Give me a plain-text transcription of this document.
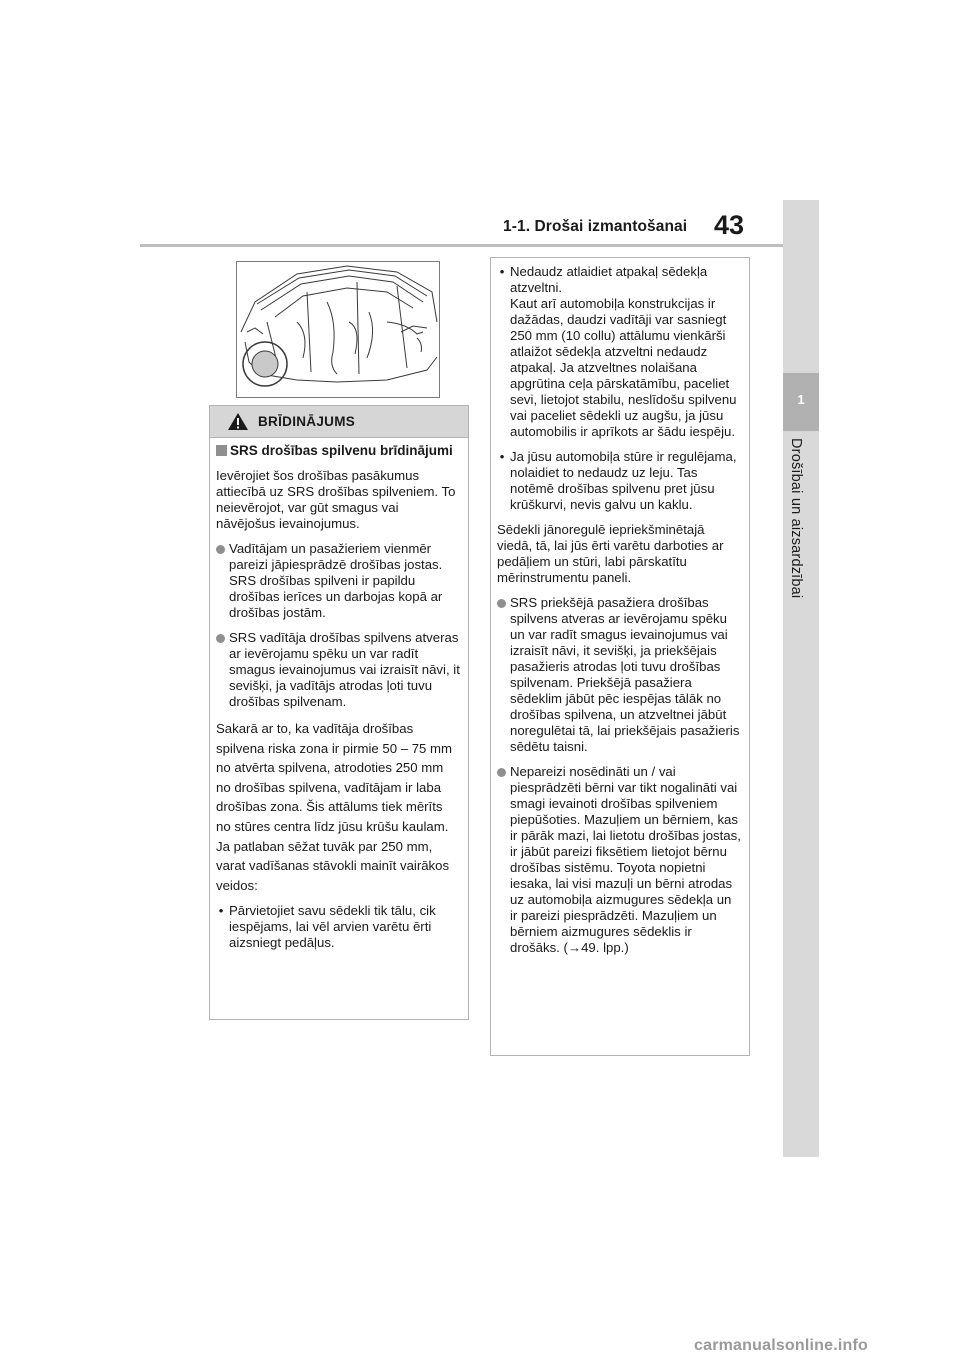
1-1. Drošai izmantošanai 43
1
Drošībai un aizsardzībai
BRĪDINĀJUMS
SRS drošības spilvenu brīdinājumi

Ievērojiet šos drošības pasākumus attiecībā uz SRS drošības spilveniem. To neievērojot, var gūt smagus vai nāvējošus ievainojumus.

Vadītājam un pasažieriem vienmēr pareizi jāpiesprādzē drošības jostas.
SRS drošības spilveni ir papildu drošības ierīces un darbojas kopā ar drošības jostām.
SRS vadītāja drošības spilvens atveras ar ievērojamu spēku un var radīt smagus ievainojumus vai izraisīt nāvi, it sevišķi, ja vadītājs atrodas ļoti tuvu drošības spilvenam.

Sakarā ar to, ka vadītāja drošības spilvena riska zona ir pirmie 50 – 75 mm no atvērta spilvena, atrodoties 250 mm no drošības spilvena, vadītājam ir laba drošības zona. Šis attālums tiek mērīts no stūres centra līdz jūsu krūšu kaulam. Ja patlaban sēžat tuvāk par 250 mm, varat vadīšanas stāvokli mainīt vairākos veidos:

• Pārvietojiet savu sēdekli tik tālu, cik iespējams, lai vēl arvien varētu ērti aizsniegt pedāļus.
• Nedaudz atlaidiet atpakaļ sēdekļa atzveltni.
Kaut arī automobiļa konstrukcijas ir dažādas, daudzi vadītāji var sasniegt 250 mm (10 collu) attālumu vienkārši atlaižot sēdekļa atzveltni nedaudz atpakaļ. Ja atzveltnes nolaišana apgrūtina ceļa pārskatāmību, paceliet sevi, lietojot stabilu, neslīdošu spilvenu vai paceliet sēdekli uz augšu, ja jūsu automobilis ir aprīkots ar šādu iespēju.
• Ja jūsu automobiļa stūre ir regulējama, nolaidiet to nedaudz uz leju. Tas notēmē drošības spilvenu pret jūsu krūškurvi, nevis galvu un kaklu.

Sēdekli jānoregulē iepriekšminētajā viedā, tā, lai jūs ērti varētu darboties ar pedāļiem un stūri, labi pārskatītu mērinstrumentu paneli.

SRS priekšējā pasažiera drošības spilvens atveras ar ievērojamu spēku un var radīt smagus ievainojumus vai izraisīt nāvi, it sevišķi, ja priekšējais pasažieris atrodas ļoti tuvu drošības spilvenam. Priekšējā pasažiera sēdeklim jābūt pēc iespējas tālāk no drošības spilvena, un atzveltnei jābūt noregulētai tā, lai priekšējais pasažieris sēdētu taisni.
Nepareizi nosēdināti un / vai piesprādzēti bērni var tikt nogalināti vai smagi ievainoti drošības spilveniem piepūšoties. Mazuļiem un bērniem, kas ir pārāk mazi, lai lietotu drošības jostas, ir jābūt pareizi fiksētiem lietojot bērnu drošības sistēmu. Toyota nopietni iesaka, lai visi mazuļi un bērni atrodas uz automobiļa aizmugures sēdekļa un ir pareizi piesprādzēti. Mazuļiem un bērniem aizmugures sēdeklis ir drošāks. (→49. lpp.)
carmanualsonline.info
